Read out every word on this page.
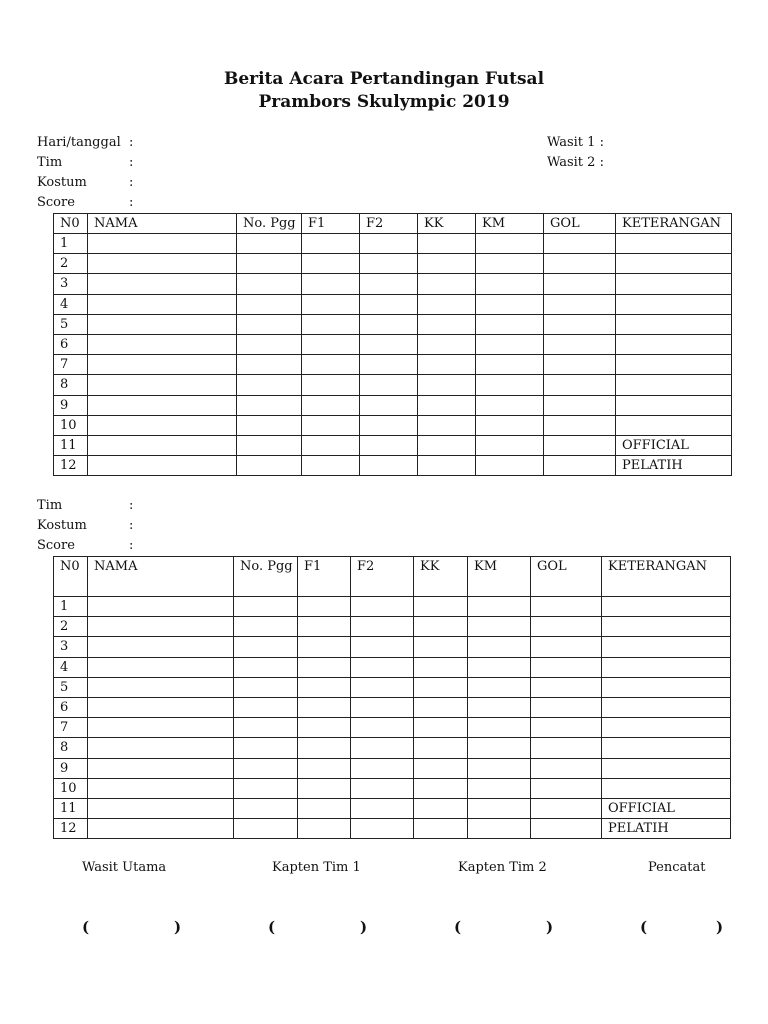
Berita Acara Pertandingan Futsal
Prambors Skulympic 2019
Hari/tanggal :
Tim	:
Kostum	:
Score	:
Wasit 1 :
Wasit 2 :
N0	NAMA	No. Pgg	F1	F2	KK	KM	GOL	KETERANGAN
1								
2								
3								
4								
5								
6								
7								
8								
9								
10								
11								OFFICIAL
12								PELATIH
Tim	:
Kostum	:
Score	:
N0	NAMA	No. Pgg	F1	F2	KK	KM	GOL	KETERANGAN
1								
2								
3								
4								
5								
6								
7								
8								
9								
10								
11								OFFICIAL
12								PELATIH
Wasit Utama	Kapten Tim 1	Kapten Tim 2	Pencatat
(	)	(	)	(	)	(	)
